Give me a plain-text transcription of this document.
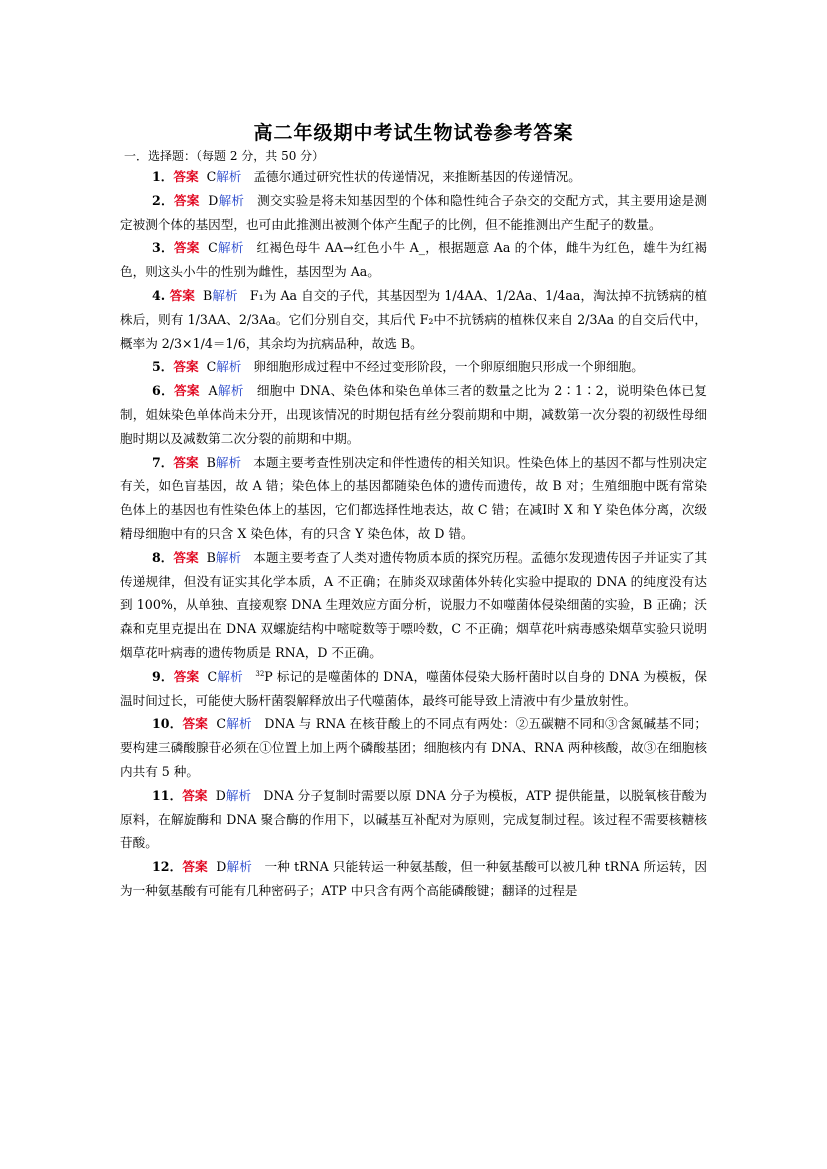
高二年级期中考试生物试卷参考答案
一．选择题：（每题 2 分，共 50 分）

1．答案 C解析 孟德尔通过研究性状的传递情况，来推断基因的传递情况。

2．答案 D解析 测交实验是将未知基因型的个体和隐性纯合子杂交的交配方式，其主要用途是测定被测个体的基因型，也可由此推测出被测个体产生配子的比例，但不能推测出产生配子的数量。

3．答案 C解析 红褐色母牛 AA→红色小牛 A_，根据题意 Aa 的个体，雌牛为红色，雄牛为红褐色，则这头小牛的性别为雌性，基因型为 Aa。

4. 答案 B解析 F₁为 Aa 自交的子代，其基因型为 1/4AA、1/2Aa、1/4aa，淘汰掉不抗锈病的植株后，则有 1/3AA、2/3Aa。它们分别自交，其后代 F₂中不抗锈病的植株仅来自 2/3Aa 的自交后代中，概率为 2/3×1/4＝1/6，其余均为抗病品种，故选 B。

5．答案 C解析 卵细胞形成过程中不经过变形阶段，一个卵原细胞只形成一个卵细胞。

6．答案 A解析 细胞中 DNA、染色体和染色单体三者的数量之比为 2∶1∶2，说明染色体已复制，姐妹染色单体尚未分开，出现该情况的时期包括有丝分裂前期和中期，减数第一次分裂的初级性母细胞时期以及减数第二次分裂的前期和中期。

7．答案 B解析 本题主要考查性别决定和伴性遗传的相关知识。性染色体上的基因不都与性别决定有关，如色盲基因，故 A 错；染色体上的基因都随染色体的遗传而遗传，故 B 对；生殖细胞中既有常染色体上的基因也有性染色体上的基因，它们都选择性地表达，故 C 错；在减Ⅰ时 X 和 Y 染色体分离，次级精母细胞中有的只含 X 染色体，有的只含 Y 染色体，故 D 错。

8．答案 B解析 本题主要考查了人类对遗传物质本质的探究历程。孟德尔发现遗传因子并证实了其传递规律，但没有证实其化学本质，A 不正确；在肺炎双球菌体外转化实验中提取的 DNA 的纯度没有达到 100%，从单独、直接观察 DNA 生理效应方面分析，说服力不如噬菌体侵染细菌的实验，B 正确；沃森和克里克提出在 DNA 双螺旋结构中嘧啶数等于嘌呤数，C 不正确；烟草花叶病毒感染烟草实验只说明烟草花叶病毒的遗传物质是 RNA，D 不正确。

9．答案 C解析 $^{32}$P 标记的是噬菌体的 DNA，噬菌体侵染大肠杆菌时以自身的 DNA 为模板，保温时间过长，可能使大肠杆菌裂解释放出子代噬菌体，最终可能导致上清液中有少量放射性。

10．答案 C解析 DNA 与 RNA 在核苷酸上的不同点有两处：②五碳糖不同和③含氮碱基不同；要构建三磷酸腺苷必须在①位置上加上两个磷酸基团；细胞核内有 DNA、RNA 两种核酸，故③在细胞核内共有 5 种。

11．答案 D解析 DNA 分子复制时需要以原 DNA 分子为模板，ATP 提供能量，以脱氧核苷酸为原料，在解旋酶和 DNA 聚合酶的作用下，以碱基互补配对为原则，完成复制过程。该过程不需要核糖核苷酸。

12．答案 D解析 一种 tRNA 只能转运一种氨基酸，但一种氨基酸可以被几种 tRNA 所运转，因为一种氨基酸有可能有几种密码子；ATP 中只含有两个高能磷酸键；翻译的过程是
